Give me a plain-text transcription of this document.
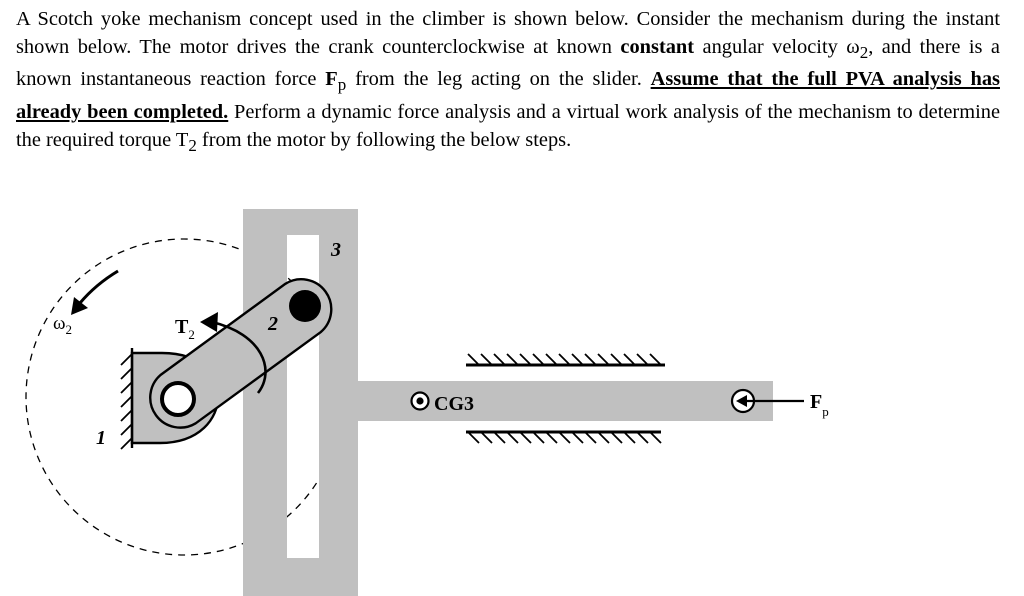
A Scotch yoke mechanism concept used in the climber is shown below. Consider the mechanism during the instant shown below. The motor drives the crank counterclockwise at known constant angular velocity $\omega_2$, and there is a known instantaneous reaction force $F_p$ from the leg acting on the slider. Assume that the full PVA analysis has already been completed. Perform a dynamic force analysis and a virtual work analysis of the mechanism to determine the required torque $T_2$ from the motor by following the below steps.

$\omega_2$	$T_2$
1
2
3
CG3	$F_p$
